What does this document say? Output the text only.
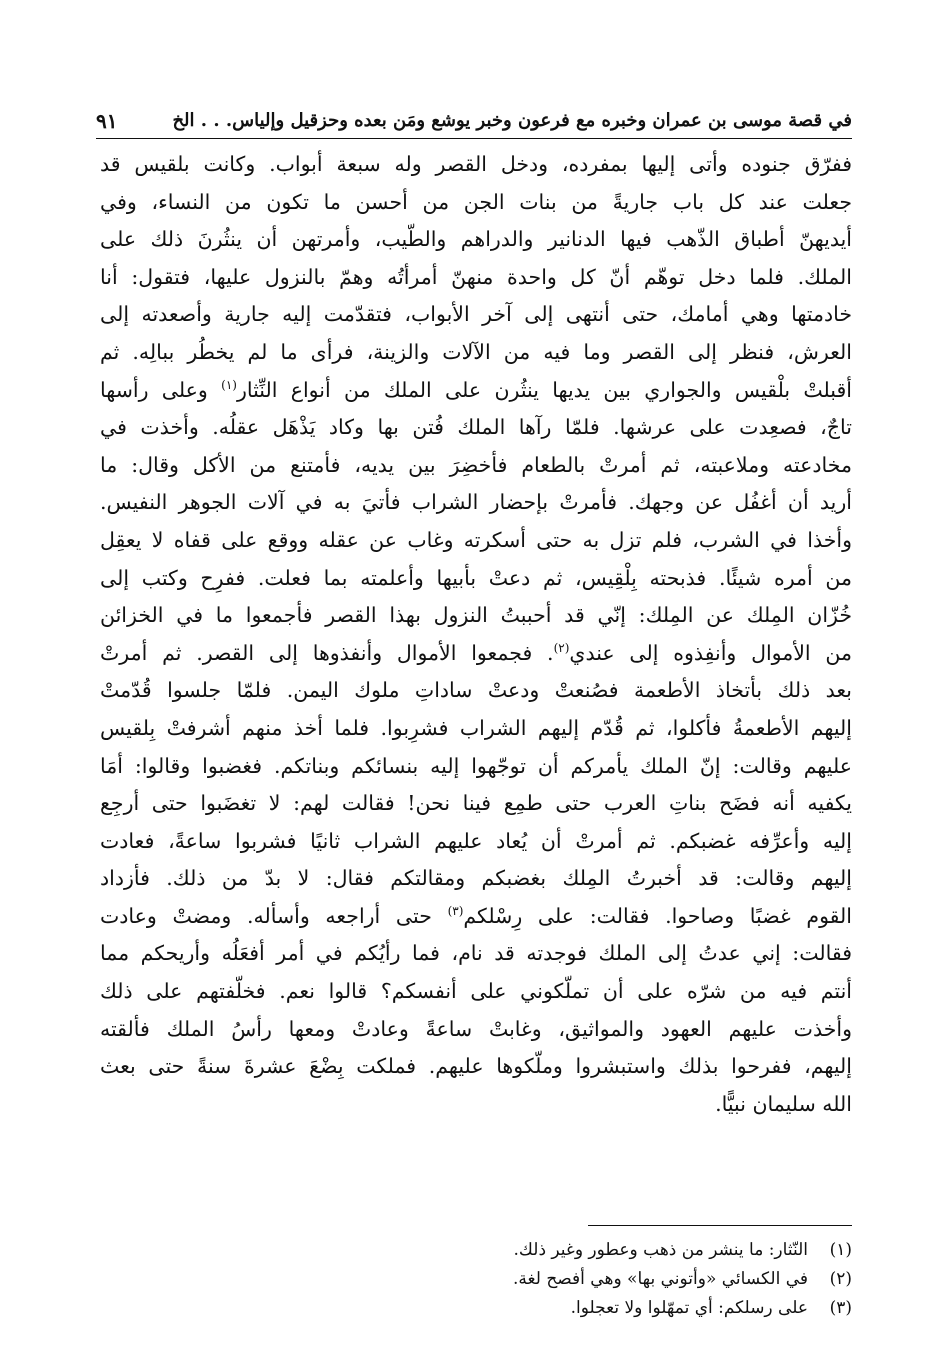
في قصة موسى بن عمران وخبره مع فرعون وخبر يوشع ومَن بعده وحزقيل وإلياس. . . الخ
٩١
ففرّق جنوده وأتى إليها بمفرده، ودخل القصر وله سبعة أبواب. وكانت بلقيس قد
جعلت عند كل باب جاريةً من بنات الجن من أحسن ما تكون من النساء، وفي
أيديهنّ أطباق الذّهب فيها الدنانير والدراهم والطّيب، وأمرتهن أن ينثُرنَ ذلك على
الملك. فلما دخل توهّم أنّ كل واحدة منهنّ أمرأتُه وهمّ بالنزول عليها، فتقول: أنا
خادمتها وهي أمامك، حتى أنتهى إلى آخر الأبواب، فتقدّمت إليه جارية وأصعدته إلى
العرش، فنظر إلى القصر وما فيه من الآلات والزينة، فرأى ما لم يخطُر ببالِه. ثم
أقبلتْ بلْقيس والجواري بين يديها ينثُرن على الملك من أنواع النِّثار$^{(١)}$ وعلى رأسها
تاجٌ، فصعِدت على عرشها. فلمّا رآها الملك فُتن بها وكاد يَذْهَل عقلُه. وأخذت في
مخادعته وملاعبته، ثم أمرتْ بالطعام فأخضِرَ بين يديه، فأمتنع من الأكل وقال: ما
أريد أن أغفُل عن وجهك. فأمرتْ بإحضار الشراب فأتيَ به في آلات الجوهر النفيس.
وأخذا في الشرب، فلم تزل به حتى أسكرته وغاب عن عقله ووقع على قفاه لا يعقِل
من أمره شيئًا. فذبحته بِلْقِيس، ثم دعتْ بأبيها وأعلمته بما فعلت. ففرِح وكتب إلى
خُزّان المِلك عن المِلك: إنّي قد أحببتُ النزول بهذا القصر فأجمعوا ما في الخزائن
من الأموال وأنفِذوه إلى عندي$^{(٢)}$. فجمعوا الأموال وأنفذوها إلى القصر. ثم أمرتْ
بعد ذلك بأتخاذ الأطعمة فصُنعتْ ودعتْ ساداتِ ملوك اليمن. فلمّا جلسوا قُدّمتْ
إليهم الأطعمةُ فأكلوا، ثم قُدّم إليهم الشراب فشرِبوا. فلما أخذ منهم أشرفتْ بِلقيس
عليهم وقالت: إنّ الملك يأمركم أن توجّهوا إليه بنسائكم وبناتكم. فغضبوا وقالوا: أمَا
يكفيه أنه فضَح بناتِ العرب حتى طمِع فينا نحن! فقالت لهم: لا تغضَبوا حتى أرجِع
إليه وأعرِّفه غضبكم. ثم أمرتْ أن يُعاد عليهم الشراب ثانيًا فشربوا ساعةً، فعادت
إليهم وقالت: قد أخبرتُ المِلك بغضبكم ومقالتكم فقال: لا بدّ من ذلك. فأزداد
القوم غضبًا وصاحوا. فقالت: على رِسْلكم$^{(٣)}$ حتى أراجعه وأسأله. ومضتْ وعادت
فقالت: إني عدتُ إلى الملك فوجدته قد نام، فما رأيُكم في أمر أفعَلُه وأريحكم مما
أنتم فيه من شرّه على أن تملّكوني على أنفسكم؟ قالوا نعم. فخلّفتهم على ذلك
وأخذت عليهم العهود والمواثيق، وغابتْ ساعةً وعادتْ ومعها رأسُ الملك فألقته
إليهم، ففرحوا بذلك واستبشروا وملّكوها عليهم. فملكت بِضْعَ عشرةَ سنةً حتى بعث
الله سليمان نبيًّا.
(١)النّثار: ما ينشر من ذهب وعطور وغير ذلك.
(٢)في الكسائي «وأتوني بها» وهي أفصح لغة.
(٣)على رسلكم: أي تمهّلوا ولا تعجلوا.
